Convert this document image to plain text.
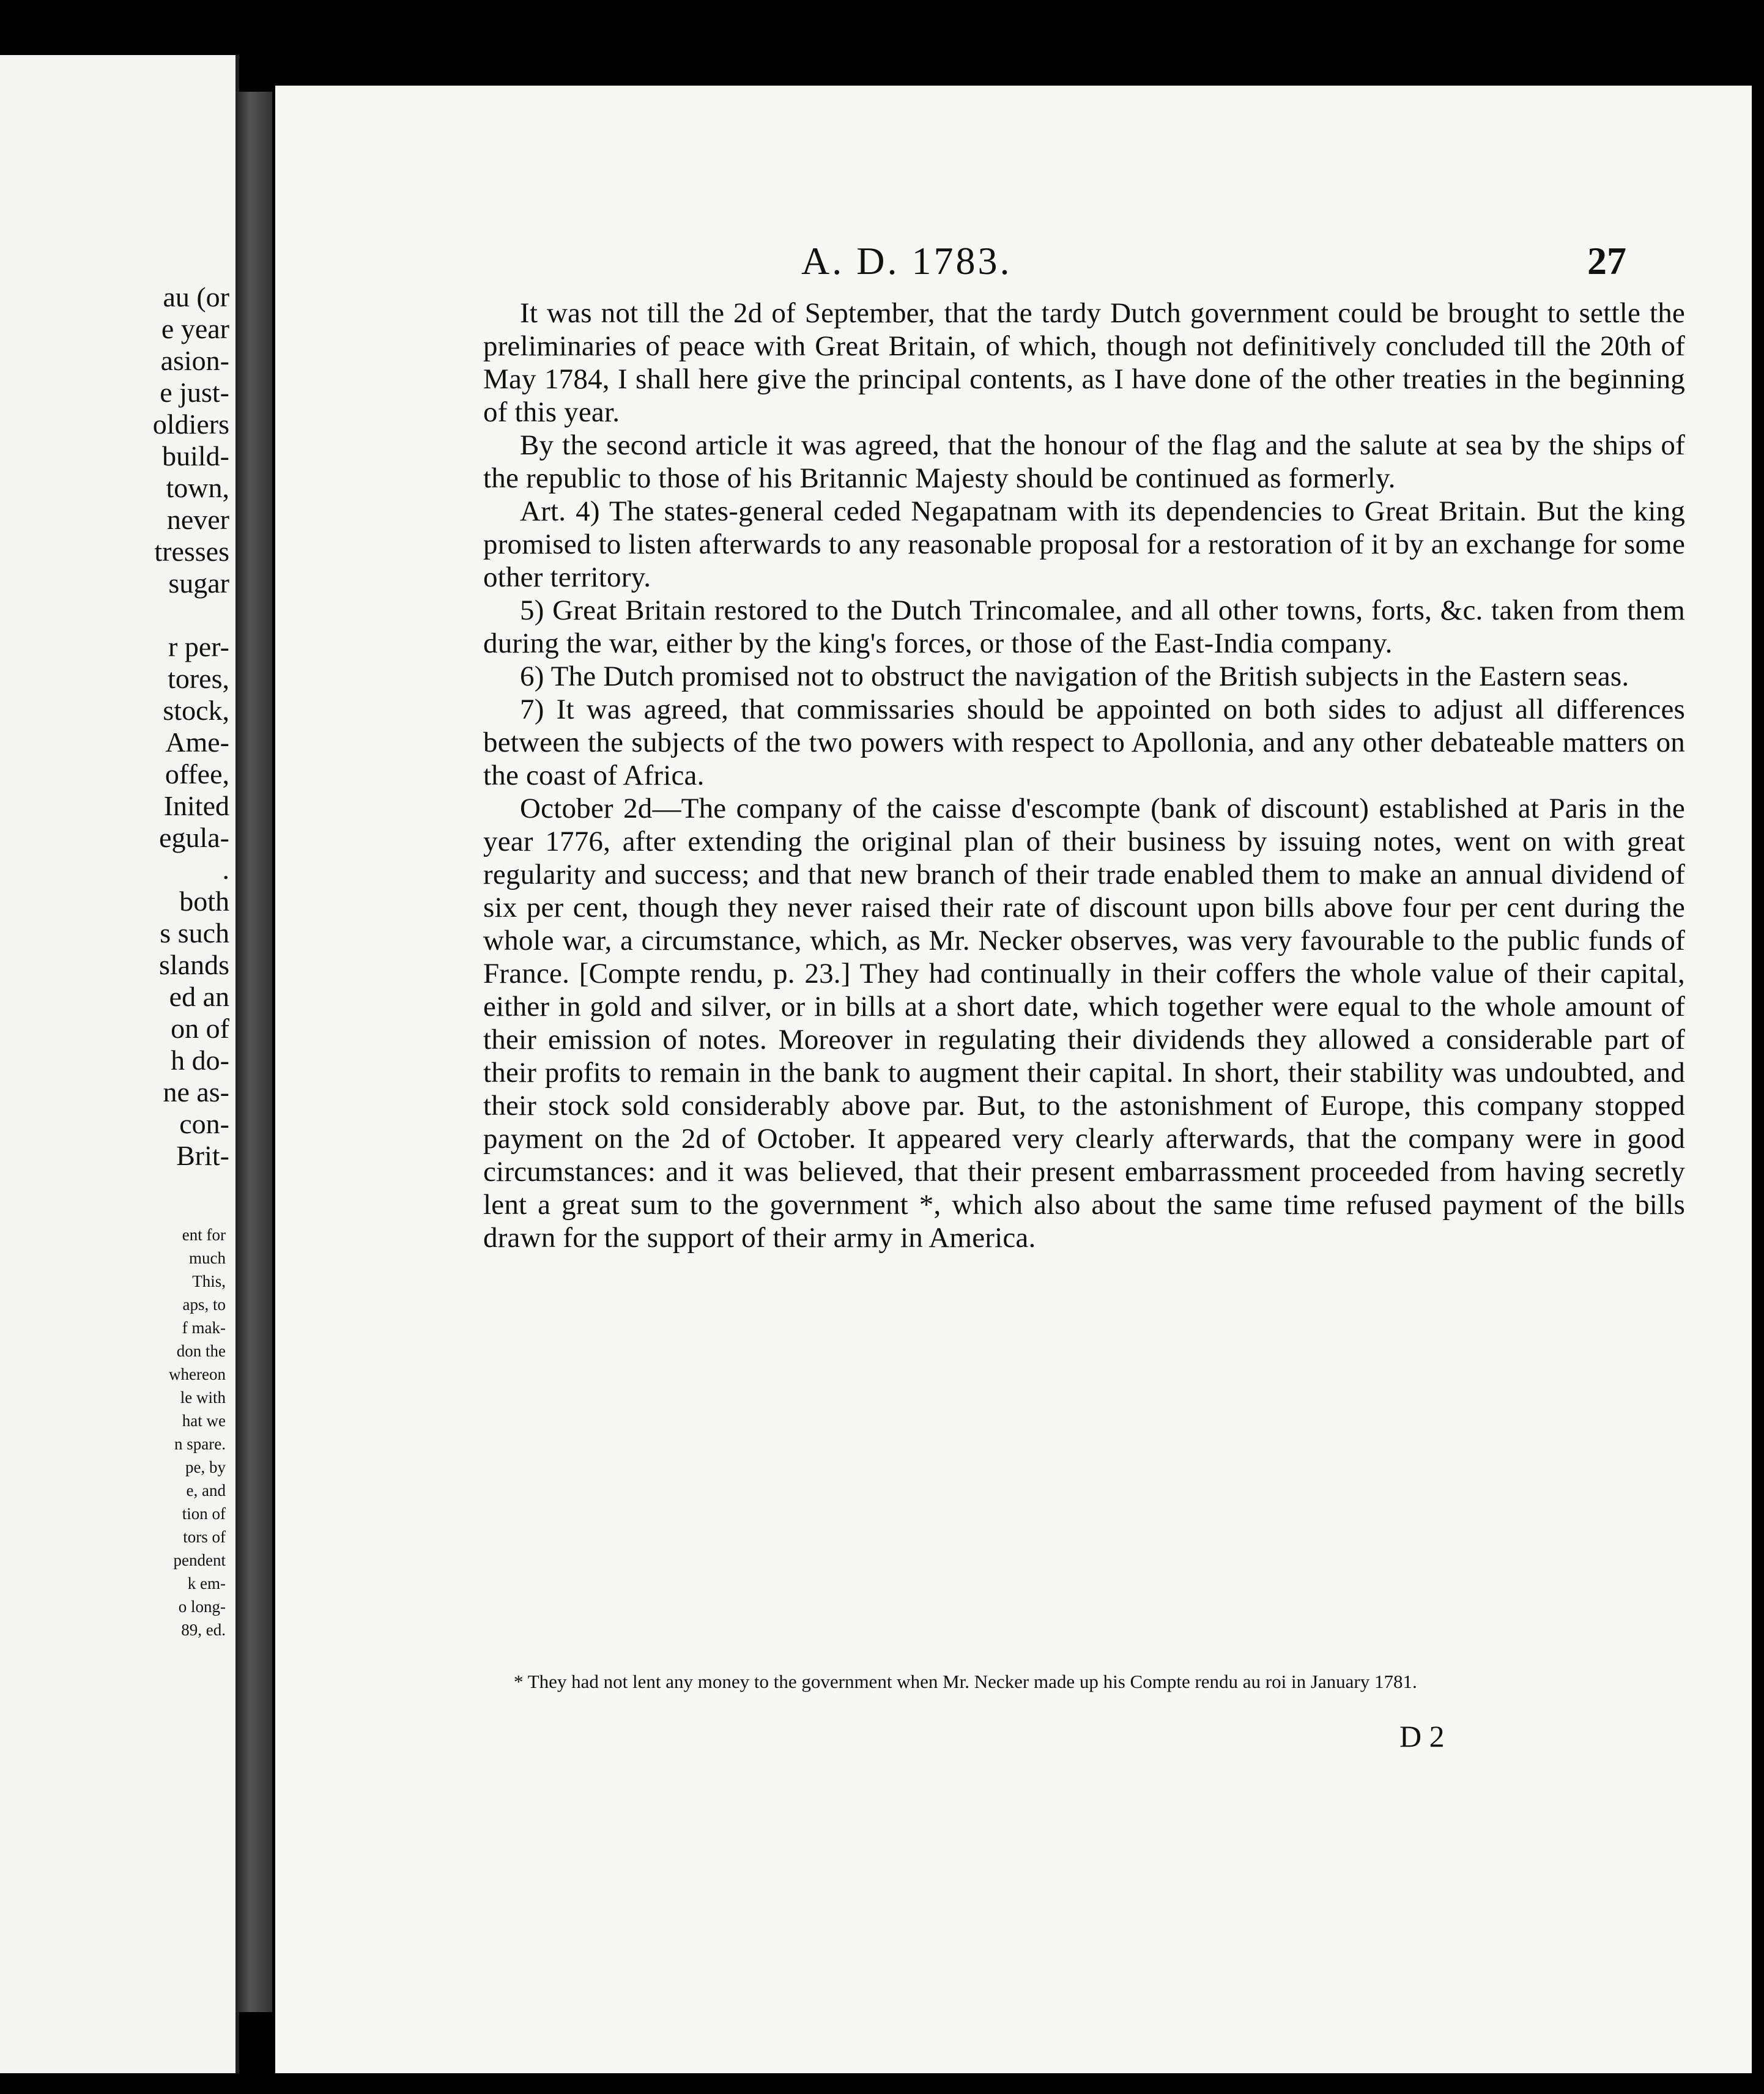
au (or
e year
asion-
e just-
oldiers
build-
town,
never
tresses
sugar
r per-
tores,
stock,
Ame-
offee,
Inited
egula-
.
both
s such
slands
ed an
on of
h do-
ne as-
con-
Brit-
ent for
much
This,
aps, to
f mak-
don the
whereon
le with
hat we
n spare.
pe, by
e, and
tion of
tors of
pendent
k em-
o long-
89, ed.
A. D. 1783.	27

It was not till the 2d of September, that the tardy Dutch government could be brought to settle the preliminaries of peace with Great Britain, of which, though not definitively concluded till the 20th of May 1784, I shall here give the principal contents, as I have done of the other treaties in the beginning of this year.

By the second article it was agreed, that the honour of the flag and the salute at sea by the ships of the republic to those of his Britannic Majesty should be continued as formerly.

Art. 4) The states-general ceded Negapatnam with its dependencies to Great Britain. But the king promised to listen afterwards to any reasonable proposal for a restoration of it by an exchange for some other territory.

5) Great Britain restored to the Dutch Trincomalee, and all other towns, forts, &c. taken from them during the war, either by the king's forces, or those of the East-India company.

6) The Dutch promised not to obstruct the navigation of the British subjects in the Eastern seas.

7) It was agreed, that commissaries should be appointed on both sides to adjust all differences between the subjects of the two powers with respect to Apollonia, and any other debateable matters on the coast of Africa.

October 2d—The company of the caisse d'escompte (bank of discount) established at Paris in the year 1776, after extending the original plan of their business by issuing notes, went on with great regularity and success; and that new branch of their trade enabled them to make an annual dividend of six per cent, though they never raised their rate of discount upon bills above four per cent during the whole war, a circumstance, which, as Mr. Necker observes, was very favourable to the public funds of France. [Compte rendu, p. 23.] They had continually in their coffers the whole value of their capital, either in gold and silver, or in bills at a short date, which together were equal to the whole amount of their emission of notes. Moreover in regulating their dividends they allowed a considerable part of their profits to remain in the bank to augment their capital. In short, their stability was undoubted, and their stock sold considerably above par. But, to the astonishment of Europe, this company stopped payment on the 2d of October. It appeared very clearly afterwards, that the company were in good circumstances: and it was believed, that their present embarrassment proceeded from having secretly lent a great sum to the government *, which also about the same time refused payment of the bills drawn for the support of their army in America.

* They had not lent any money to the government when Mr. Necker made up his Compte rendu au roi in January 1781.

D 2
